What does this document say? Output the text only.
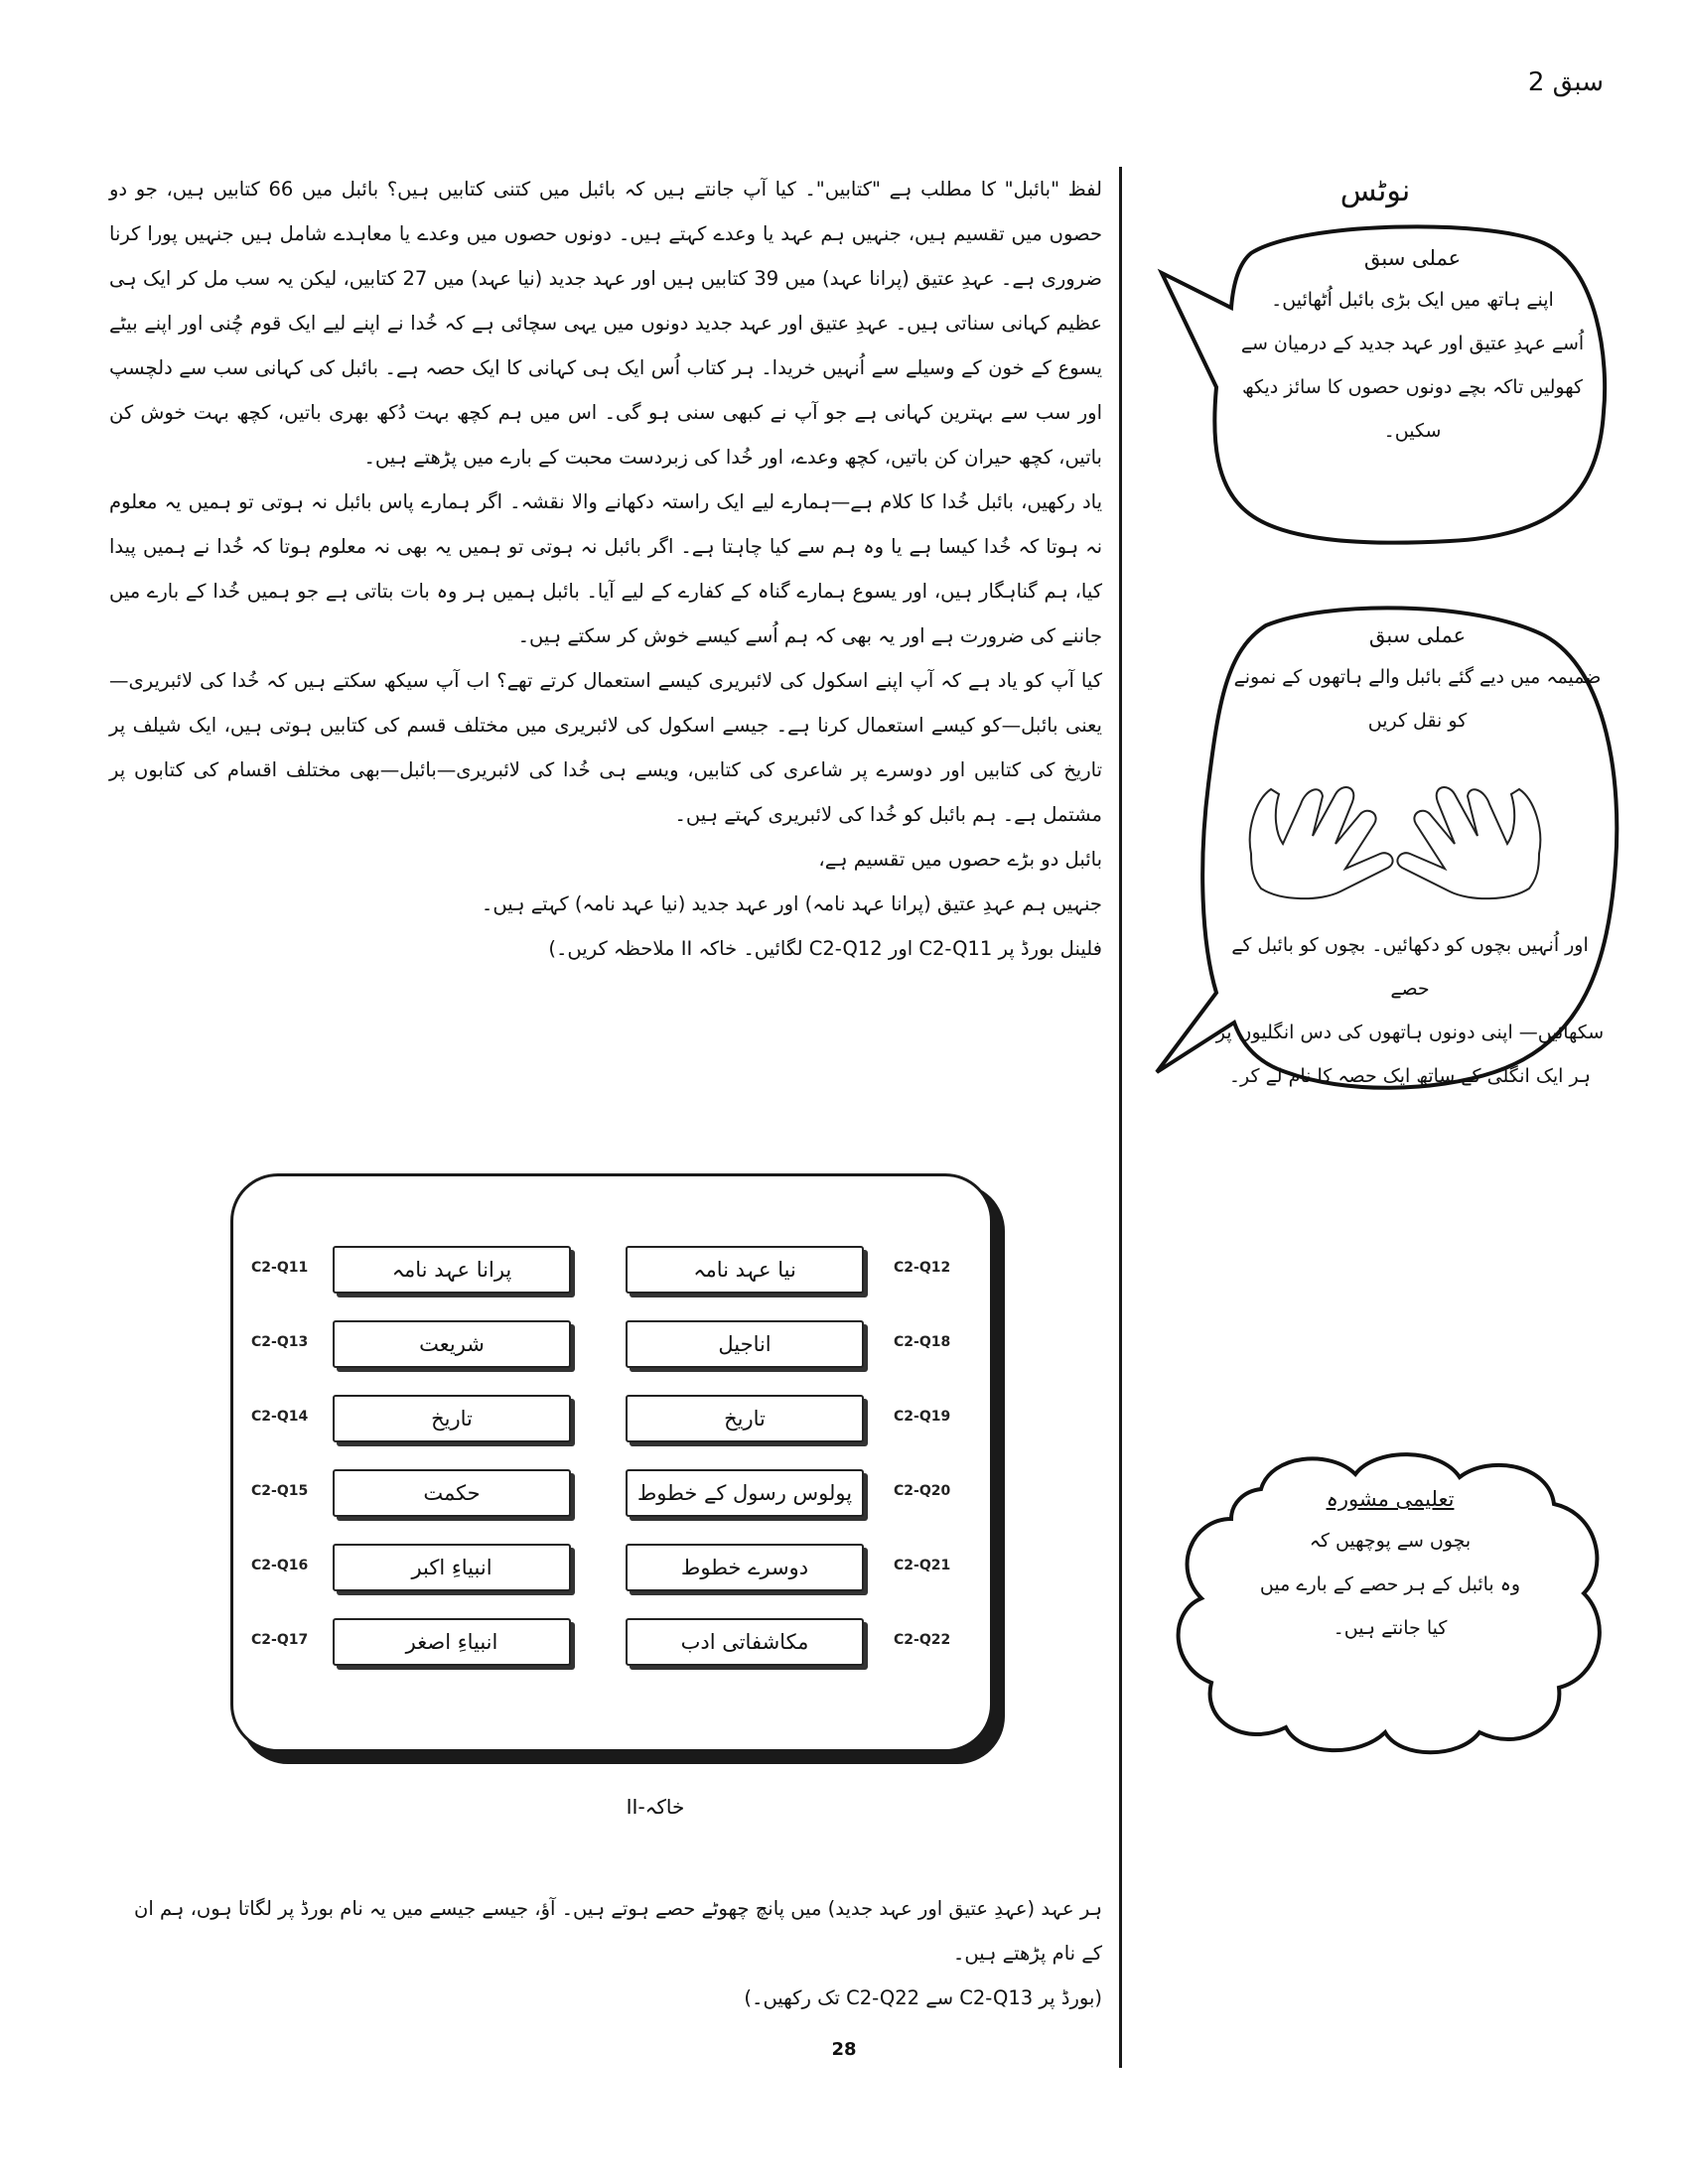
سبق 2

لفظ "بائبل" کا مطلب ہے "کتابیں"۔ کیا آپ جانتے ہیں کہ بائبل میں کتنی کتابیں ہیں؟ بائبل میں 66 کتابیں ہیں، جو دو حصوں میں تقسیم ہیں، جنہیں ہم عہد یا وعدے کہتے ہیں۔ دونوں حصوں میں وعدے یا معاہدے شامل ہیں جنہیں پورا کرنا ضروری ہے۔ عہدِ عتیق (پرانا عہد) میں 39 کتابیں ہیں اور عہد جدید (نیا عہد) میں 27 کتابیں، لیکن یہ سب مل کر ایک ہی عظیم کہانی سناتی ہیں۔ عہدِ عتیق اور عہد جدید دونوں میں یہی سچائی ہے کہ خُدا نے اپنے لیے ایک قوم چُنی اور اپنے بیٹے یسوع کے خون کے وسیلے سے اُنہیں خریدا۔ ہر کتاب اُس ایک ہی کہانی کا ایک حصہ ہے۔ بائبل کی کہانی سب سے دلچسپ اور سب سے بہترین کہانی ہے جو آپ نے کبھی سنی ہو گی۔ اس میں ہم کچھ بہت دُکھ بھری باتیں، کچھ بہت خوش کن باتیں، کچھ حیران کن باتیں، کچھ وعدے، اور خُدا کی زبردست محبت کے بارے میں پڑھتے ہیں۔

یاد رکھیں، بائبل خُدا کا کلام ہے—ہمارے لیے ایک راستہ دکھانے والا نقشہ۔ اگر ہمارے پاس بائبل نہ ہوتی تو ہمیں یہ معلوم نہ ہوتا کہ خُدا کیسا ہے یا وہ ہم سے کیا چاہتا ہے۔ اگر بائبل نہ ہوتی تو ہمیں یہ بھی نہ معلوم ہوتا کہ خُدا نے ہمیں پیدا کیا، ہم گناہگار ہیں، اور یسوع ہمارے گناہ کے کفارے کے لیے آیا۔ بائبل ہمیں ہر وہ بات بتاتی ہے جو ہمیں خُدا کے بارے میں جاننے کی ضرورت ہے اور یہ بھی کہ ہم اُسے کیسے خوش کر سکتے ہیں۔

کیا آپ کو یاد ہے کہ آپ اپنے اسکول کی لائبریری کیسے استعمال کرتے تھے؟ اب آپ سیکھ سکتے ہیں کہ خُدا کی لائبریری—یعنی بائبل—کو کیسے استعمال کرنا ہے۔ جیسے اسکول کی لائبریری میں مختلف قسم کی کتابیں ہوتی ہیں، ایک شیلف پر تاریخ کی کتابیں اور دوسرے پر شاعری کی کتابیں، ویسے ہی خُدا کی لائبریری—بائبل—بھی مختلف اقسام کی کتابوں پر مشتمل ہے۔ ہم بائبل کو خُدا کی لائبریری کہتے ہیں۔

بائبل دو بڑے حصوں میں تقسیم ہے،

جنہیں ہم عہدِ عتیق (پرانا عہد نامہ) اور عہد جدید (نیا عہد نامہ) کہتے ہیں۔

فلینل بورڈ پر C2-Q11 اور C2-Q12 لگائیں۔ خاکہ II ملاحظہ کریں۔)

C2-Q11	پرانا عہد نامہ	نیا عہد نامہ	C2-Q12
C2-Q13	شریعت	اناجیل	C2-Q18
C2-Q14	تاریخ	تاریخ	C2-Q19
C2-Q15	حکمت	پولوس رسول کے خطوط	C2-Q20
C2-Q16	انبیاءِ اکبر	دوسرے خطوط	C2-Q21
C2-Q17	انبیاءِ اصغر	مکاشفاتی ادب	C2-Q22
خاکہ-II
ہر عہد (عہدِ عتیق اور عہد جدید) میں پانچ چھوٹے حصے ہوتے ہیں۔ آؤ، جیسے جیسے میں یہ نام بورڈ پر لگاتا ہوں، ہم ان کے نام پڑھتے ہیں۔
(بورڈ پر C2-Q13 سے C2-Q22 تک رکھیں۔)
نوٹس
عملی سبق
اپنے ہاتھ میں ایک بڑی بائبل اُٹھائیں۔
اُسے عہدِ عتیق اور عہد جدید کے درمیان سے
کھولیں تاکہ بچے دونوں حصوں کا سائز دیکھ
سکیں۔
عملی سبق
ضمیمہ میں دیے گئے بائبل والے ہاتھوں کے نمونے
کو نقل کریں
اور اُنہیں بچوں کو دکھائیں۔ بچوں کو بائبل کے حصے
سکھائیں— اپنی دونوں ہاتھوں کی دس انگلیوں پر
ہر ایک انگلی کے ساتھ ایک حصہ کا نام لے کر۔
تعلیمی مشورہ
بچوں سے پوچھیں کہ
وہ بائبل کے ہر حصے کے بارے میں
کیا جانتے ہیں۔
28
